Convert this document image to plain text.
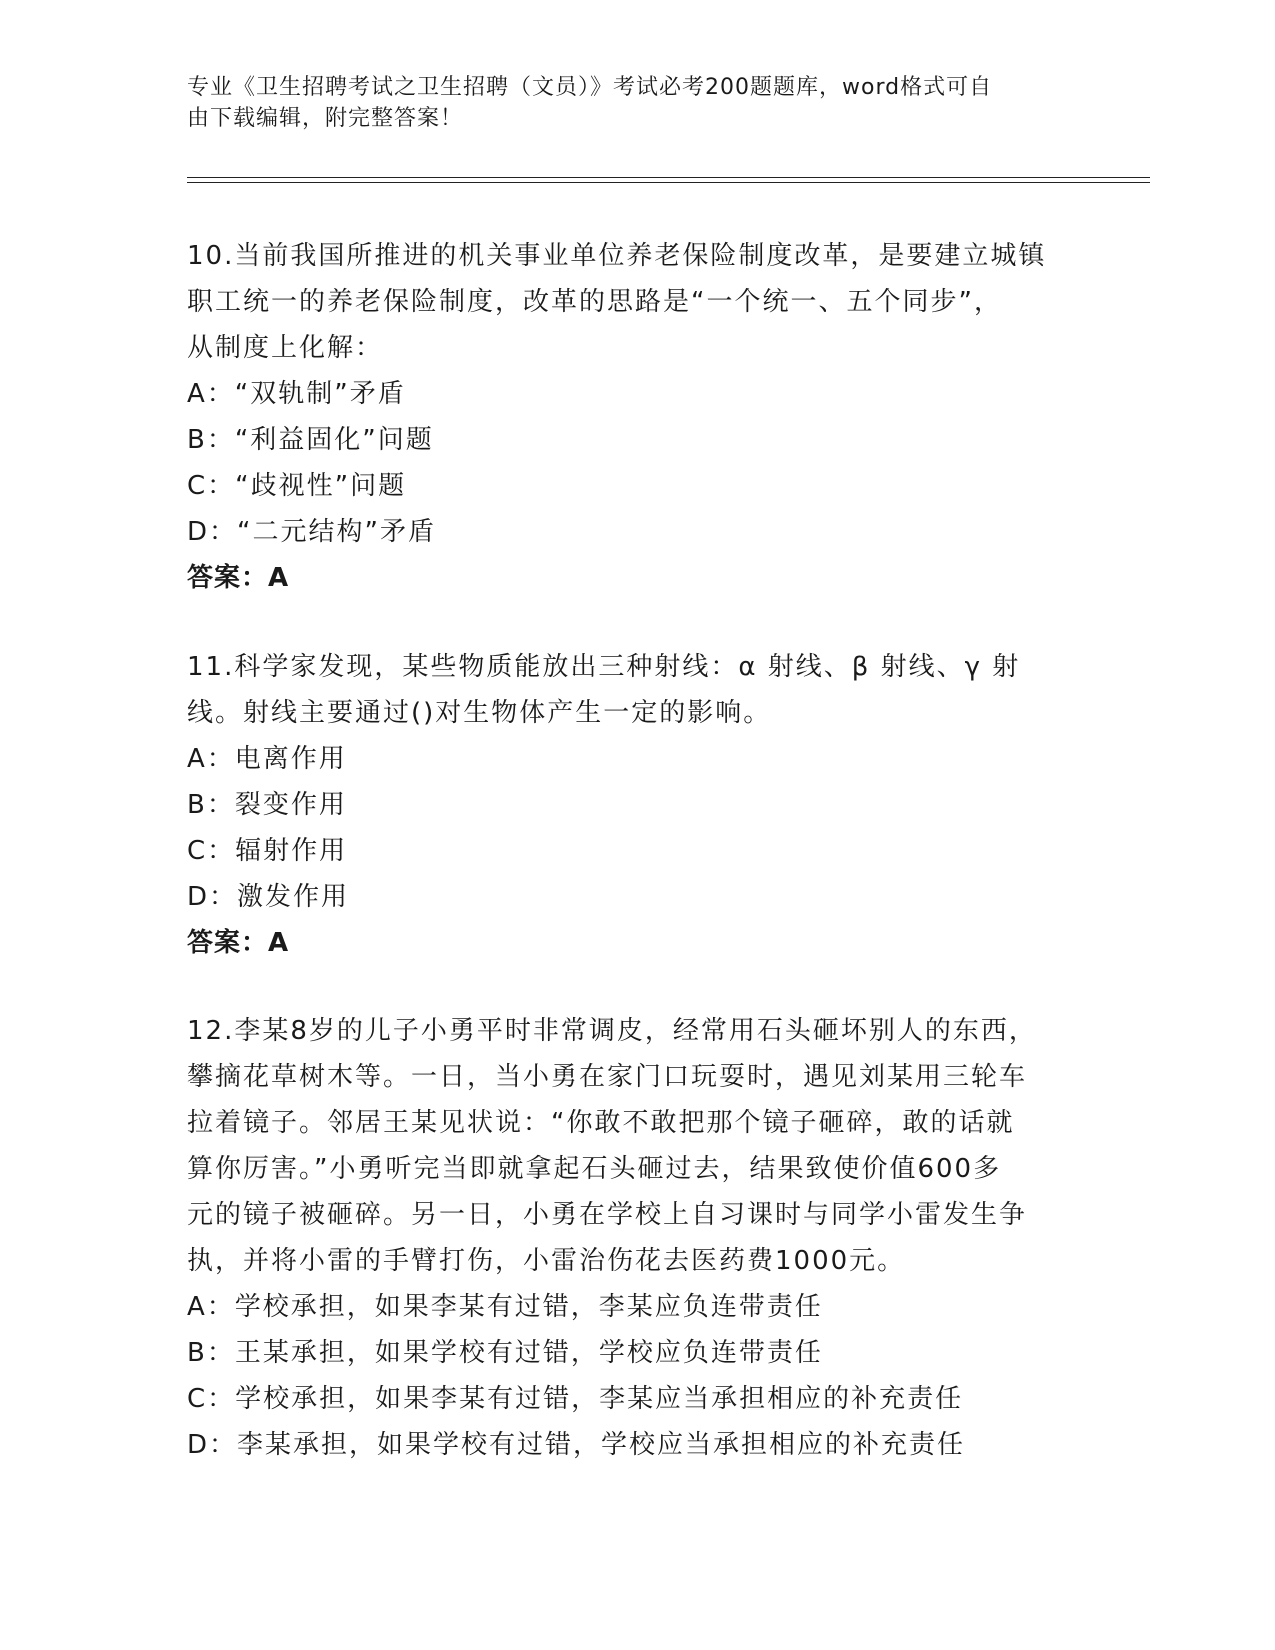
专业《卫生招聘考试之卫生招聘（文员）》考试必考200题题库，word格式可自
由下载编辑，附完整答案！
10.当前我国所推进的机关事业单位养老保险制度改革，是要建立城镇
职工统一的养老保险制度，改革的思路是“一个统一、五个同步”，
从制度上化解：
A：“双轨制”矛盾
B：“利益固化”问题
C：“歧视性”问题
D：“二元结构”矛盾
答案：A
11.科学家发现，某些物质能放出三种射线：α 射线、β 射线、γ 射
线。射线主要通过()对生物体产生一定的影响。
A：电离作用
B：裂变作用
C：辐射作用
D：激发作用
答案：A
12.李某8岁的儿子小勇平时非常调皮，经常用石头砸坏别人的东西，
攀摘花草树木等。一日，当小勇在家门口玩耍时，遇见刘某用三轮车
拉着镜子。邻居王某见状说：“你敢不敢把那个镜子砸碎，敢的话就
算你厉害。”小勇听完当即就拿起石头砸过去，结果致使价值600多
元的镜子被砸碎。另一日，小勇在学校上自习课时与同学小雷发生争
执，并将小雷的手臂打伤，小雷治伤花去医药费1000元。
A：学校承担，如果李某有过错，李某应负连带责任
B：王某承担，如果学校有过错，学校应负连带责任
C：学校承担，如果李某有过错，李某应当承担相应的补充责任
D：李某承担，如果学校有过错，学校应当承担相应的补充责任
